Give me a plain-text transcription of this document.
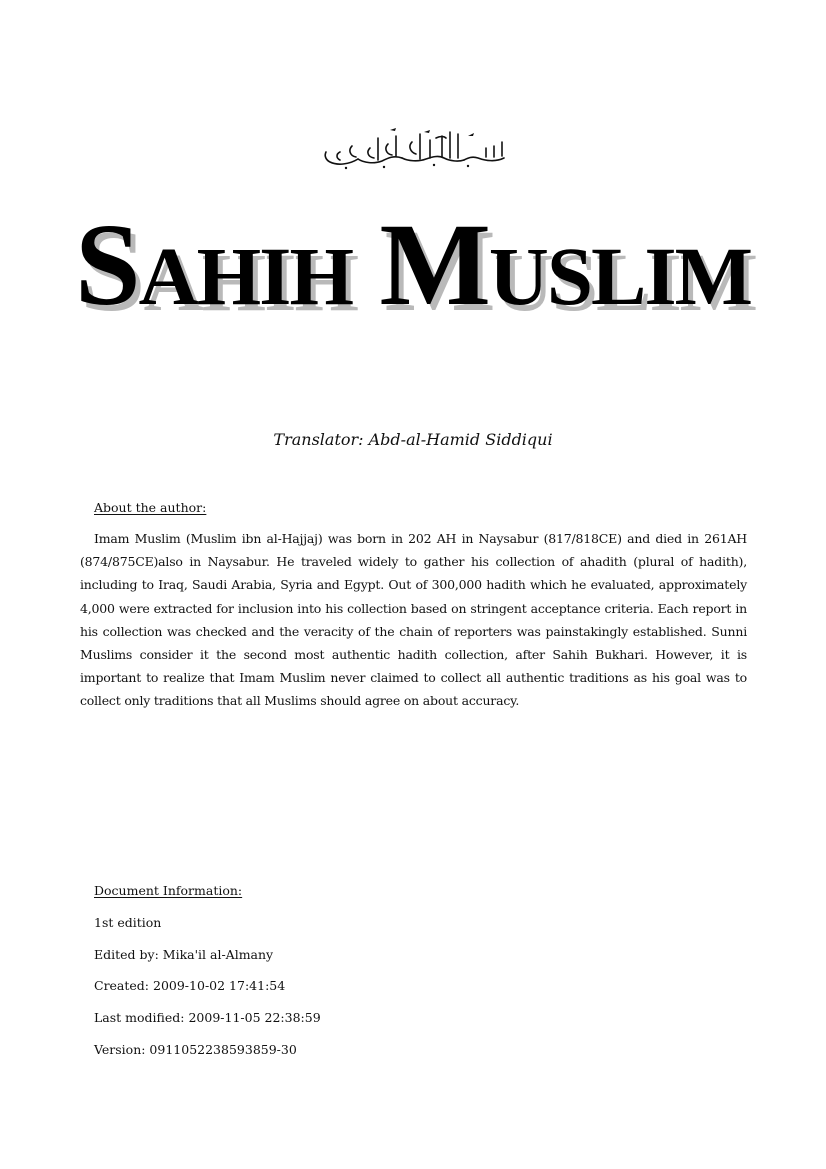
Sahih Muslim
Translator: Abd-al-Hamid Siddiqui
About the author:

Imam Muslim (Muslim ibn al-Hajjaj) was born in 202 AH in Naysabur (817/818CE) and died in 261AH (874/875CE)also in Naysabur. He traveled widely to gather his collection of ahadith (plural of hadith), including to Iraq, Saudi Arabia, Syria and Egypt. Out of 300,000 hadith which he evaluated, approximately 4,000 were extracted for inclusion into his collection based on stringent acceptance criteria. Each report in his collection was checked and the veracity of the chain of reporters was painstakingly established. Sunni Muslims consider it the second most authentic hadith collection, after Sahih Bukhari. However, it is important to realize that Imam Muslim never claimed to collect all authentic traditions as his goal was to collect only traditions that all Muslims should agree on about accuracy.

Document Information:
1st edition
Edited by: Mika'il al-Almany
Created: 2009-10-02 17:41:54
Last modified: 2009-11-05 22:38:59
Version: 0911052238593859-30
